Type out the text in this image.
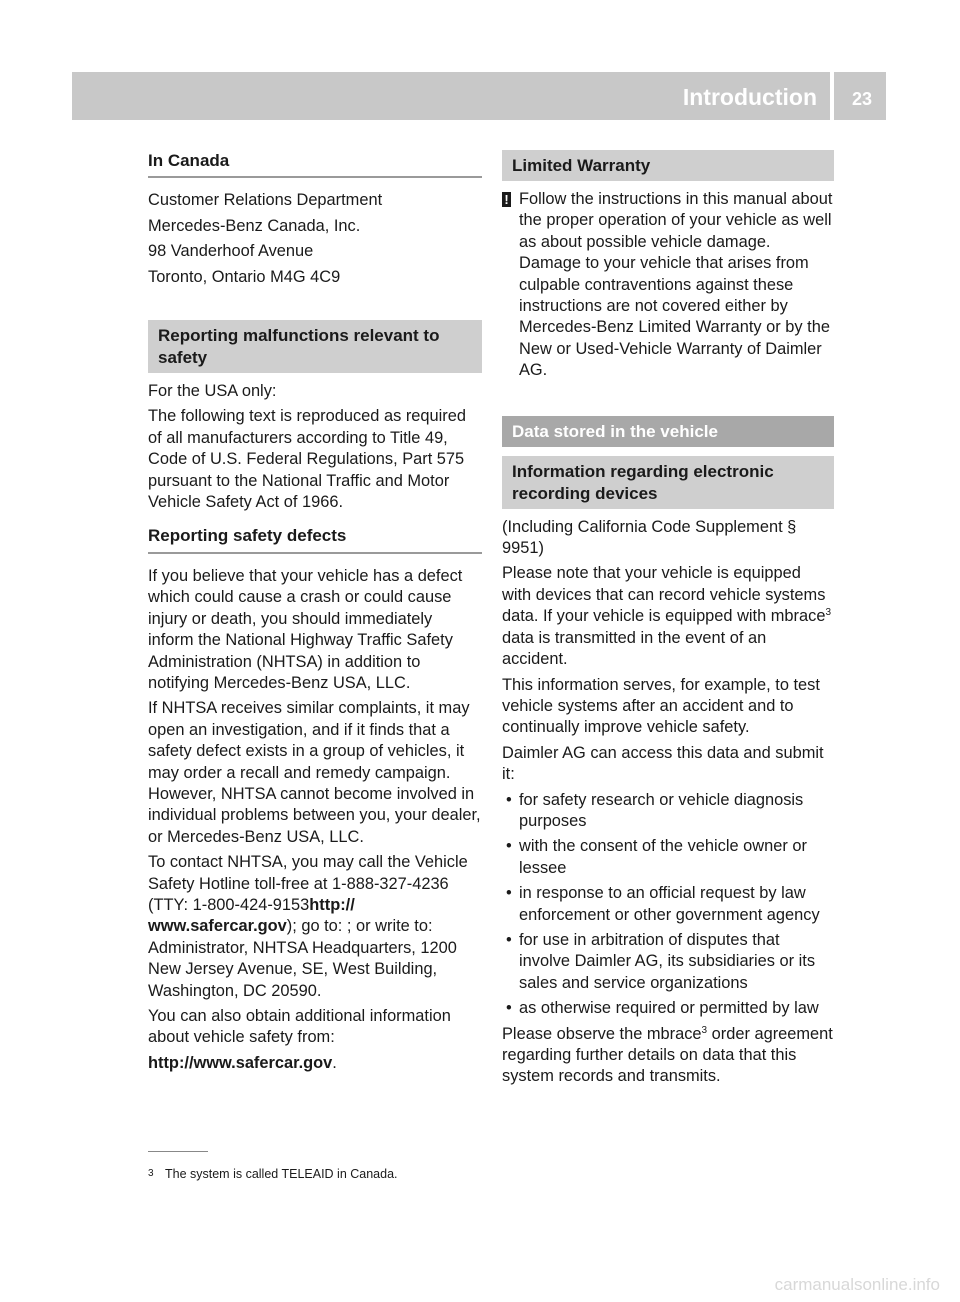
Introduction 23
In Canada

Customer Relations Department

Mercedes-Benz Canada, Inc.

98 Vanderhoof Avenue

Toronto, Ontario M4G 4C9

Reporting malfunctions relevant to safety

For the USA only:

The following text is reproduced as required of all manufacturers according to Title 49, Code of U.S. Federal Regulations, Part 575 pursuant to the National Traffic and Motor Vehicle Safety Act of 1966.

Reporting safety defects

If you believe that your vehicle has a defect which could cause a crash or could cause injury or death, you should immediately inform the National Highway Traffic Safety Administration (NHTSA) in addition to notifying Mercedes-Benz USA, LLC.

If NHTSA receives similar complaints, it may open an investigation, and if it finds that a safety defect exists in a group of vehicles, it may order a recall and remedy campaign. However, NHTSA cannot become involved in individual problems between you, your dealer, or Mercedes-Benz USA, LLC.

To contact NHTSA, you may call the Vehicle Safety Hotline toll-free at 1-888-327-4236 (TTY: 1-800-424-9153http:// www.safercar.gov); go to: ; or write to: Administrator, NHTSA Headquarters, 1200 New Jersey Avenue, SE, West Building, Washington, DC 20590.

You can also obtain additional information about vehicle safety from:

http://www.safercar.gov.

Limited Warranty
! Follow the instructions in this manual about the proper operation of your vehicle as well as about possible vehicle damage. Damage to your vehicle that arises from culpable contraventions against these instructions are not covered either by Mercedes-Benz Limited Warranty or by the New or Used-Vehicle Warranty of Daimler AG.

Data stored in the vehicle
Information regarding electronic recording devices

(Including California Code Supplement § 9951)

Please note that your vehicle is equipped with devices that can record vehicle systems data. If your vehicle is equipped with mbrace$^3$ data is transmitted in the event of an accident.

This information serves, for example, to test vehicle systems after an accident and to continually improve vehicle safety.

Daimler AG can access this data and submit it:

• for safety research or vehicle diagnosis purposes
• with the consent of the vehicle owner or lessee
• in response to an official request by law enforcement or other government agency
• for use in arbitration of disputes that involve Daimler AG, its subsidiaries or its sales and service organizations
• as otherwise required or permitted by law

Please observe the mbrace$^3$ order agreement regarding further details on data that this system records and transmits.

3 The system is called TELEAID in Canada.
carmanualsonline.info
